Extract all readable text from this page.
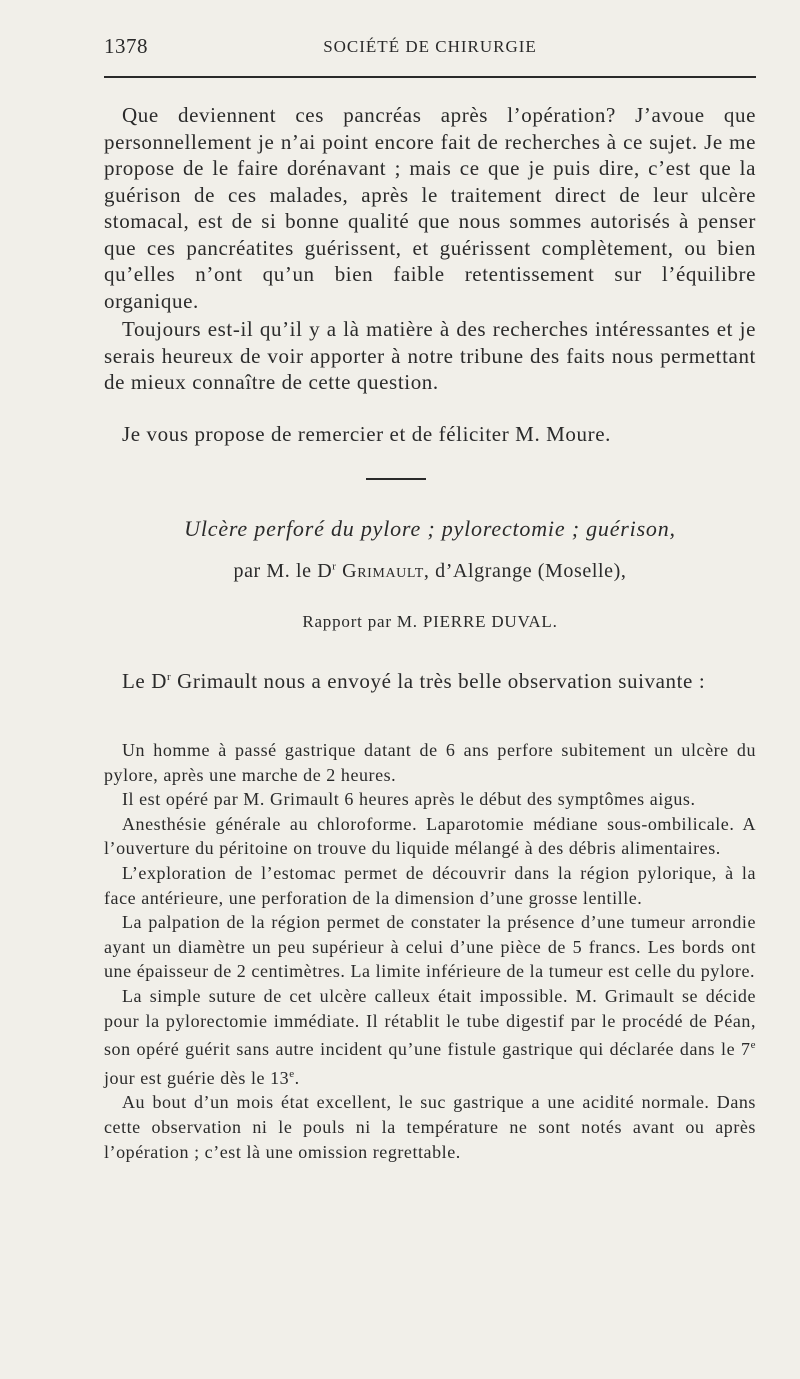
1378	SOCIÉTÉ DE CHIRURGIE

Que deviennent ces pancréas après l’opération? J’avoue que personnellement je n’ai point encore fait de recherches à ce sujet. Je me propose de le faire dorénavant ; mais ce que je puis dire, c’est que la guérison de ces malades, après le traitement direct de leur ulcère stomacal, est de si bonne qualité que nous sommes autorisés à penser que ces pancréatites guérissent, et guérissent complètement, ou bien qu’elles n’ont qu’un bien faible retentissement sur l’équilibre organique.

Toujours est-il qu’il y a là matière à des recherches intéressantes et je serais heureux de voir apporter à notre tribune des faits nous permettant de mieux connaître de cette question.

Je vous propose de remercier et de féliciter M. Moure.

Ulcère perforé du pylore ; pylorectomie ; guérison,
par M. le $D^r$ Grimault, d’Algrange (Moselle),
Rapport par M. PIERRE DUVAL.

Le $D^r$ Grimault nous a envoyé la très belle observation suivante :

Un homme à passé gastrique datant de 6 ans perfore subitement un ulcère du pylore, après une marche de 2 heures.

Il est opéré par M. Grimault 6 heures après le début des symptômes aigus.

Anesthésie générale au chloroforme. Laparotomie médiane sous-ombilicale. A l’ouverture du péritoine on trouve du liquide mélangé à des débris alimentaires.

L’exploration de l’estomac permet de découvrir dans la région pylorique, à la face antérieure, une perforation de la dimension d’une grosse lentille.

La palpation de la région permet de constater la présence d’une tumeur arrondie ayant un diamètre un peu supérieur à celui d’une pièce de 5 francs. Les bords ont une épaisseur de 2 centimètres. La limite inférieure de la tumeur est celle du pylore.

La simple suture de cet ulcère calleux était impossible. M. Grimault se décide pour la pylorectomie immédiate. Il rétablit le tube digestif par le procédé de Péan, son opéré guérit sans autre incident qu’une fistule gastrique qui déclarée dans le 7e jour est guérie dès le 13e.

Au bout d’un mois état excellent, le suc gastrique a une acidité normale. Dans cette observation ni le pouls ni la température ne sont notés avant ou après l’opération ; c’est là une omission regrettable.
